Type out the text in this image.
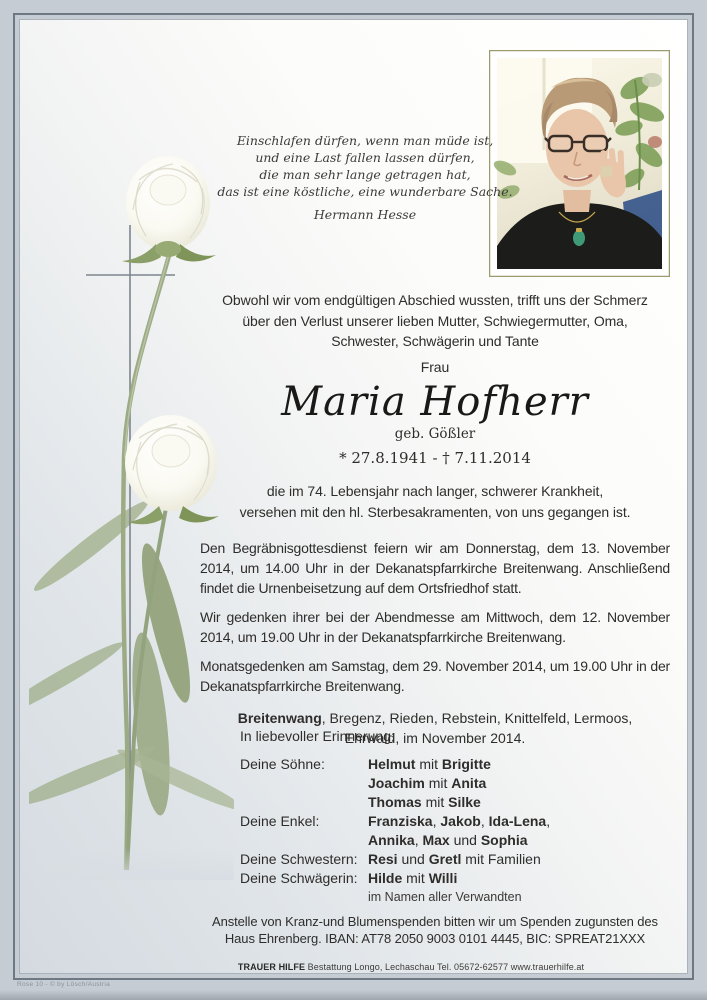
Einschlafen dürfen, wenn man müde ist,
und eine Last fallen lassen dürfen,
die man sehr lange getragen hat,
das ist eine köstliche, eine wunderbare Sache.
Hermann Hesse

Obwohl wir vom endgültigen Abschied wussten, trifft uns der Schmerz

über den Verlust unserer lieben Mutter, Schwiegermutter, Oma,

Schwester, Schwägerin und Tante

Frau

Maria Hofherr

geb. Gößler

* 27.8.1941 - † 7.11.2014

die im 74. Lebensjahr nach langer, schwerer Krankheit,

versehen mit den hl. Sterbesakramenten, von uns gegangen ist.

Den Begräbnisgottesdienst feiern wir am Donnerstag, dem 13. November 2014, um 14.00 Uhr in der Dekanatspfarrkirche Breitenwang. Anschließend findet die Urnenbeisetzung auf dem Ortsfriedhof statt.

Wir gedenken ihrer bei der Abendmesse am Mittwoch, dem 12. November 2014, um 19.00 Uhr in der Dekanatspfarrkirche Breitenwang.

Monatsgedenken am Samstag, dem 29. November 2014, um 19.00 Uhr in der Dekanatspfarrkirche Breitenwang.

Breitenwang, Bregenz, Rieden, Rebstein, Knittelfeld, Lermoos,
Ehrwald, im November 2014.

In liebevoller Erinnerung:
Deine Söhne:	Helmut mit Brigitte
Joachim mit Anita
Thomas mit Silke
Deine Enkel:	Franziska, Jakob, Ida-Lena,
Annika, Max und Sophia
Deine Schwestern: Resi und Gretl mit Familien
Deine Schwägerin: Hilde mit Willi
im Namen aller Verwandten
Anstelle von Kranz-und Blumenspenden bitten wir um Spenden zugunsten des
Haus Ehrenberg. IBAN: AT78 2050 9003 0101 4445, BIC: SPREAT21XXX
TRAUER HILFE Bestattung Longo, Lechaschau Tel. 05672-62577 www.trauerhilfe.at
Rose 10 - © by Lösch/Austria
